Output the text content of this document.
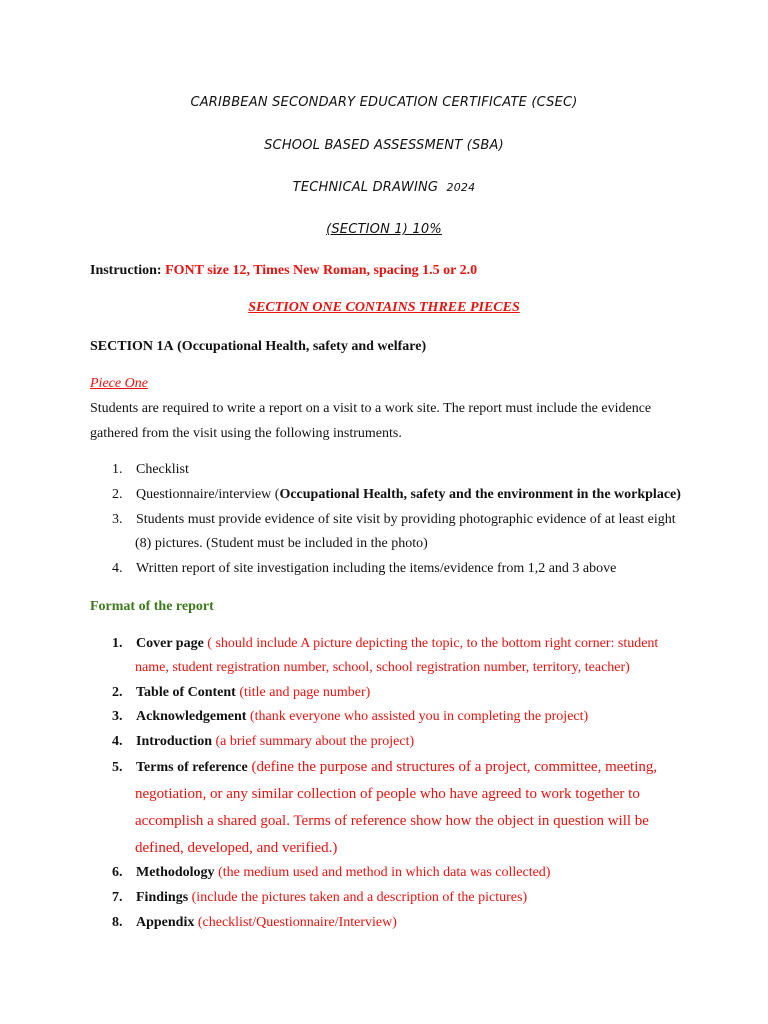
CARIBBEAN SECONDARY EDUCATION CERTIFICATE (CSEC)
SCHOOL BASED ASSESSMENT (SBA)
TECHNICAL DRAWING 2024
(SECTION 1) 10%
Instruction: FONT size 12, Times New Roman, spacing 1.5 or 2.0
SECTION ONE CONTAINS THREE PIECES
SECTION 1A (Occupational Health, safety and welfare)
Piece One
Students are required to write a report on a visit to a work site. The report must include the evidence
gathered from the visit using the following instruments.
1. Checklist
2. Questionnaire/interview (Occupational Health, safety and the environment in the workplace)
3. Students must provide evidence of site visit by providing photographic evidence of at least eight
(8) pictures. (Student must be included in the photo)
4. Written report of site investigation including the items/evidence from 1,2 and 3 above
Format of the report
1. Cover page ( should include A picture depicting the topic, to the bottom right corner: student
name, student registration number, school, school registration number, territory, teacher)
2. Table of Content (title and page number)
3. Acknowledgement (thank everyone who assisted you in completing the project)
4. Introduction (a brief summary about the project)
5. Terms of reference (define the purpose and structures of a project, committee, meeting,
negotiation, or any similar collection of people who have agreed to work together to
accomplish a shared goal. Terms of reference show how the object in question will be
defined, developed, and verified.)
6. Methodology (the medium used and method in which data was collected)
7. Findings (include the pictures taken and a description of the pictures)
8. Appendix (checklist/Questionnaire/Interview)
